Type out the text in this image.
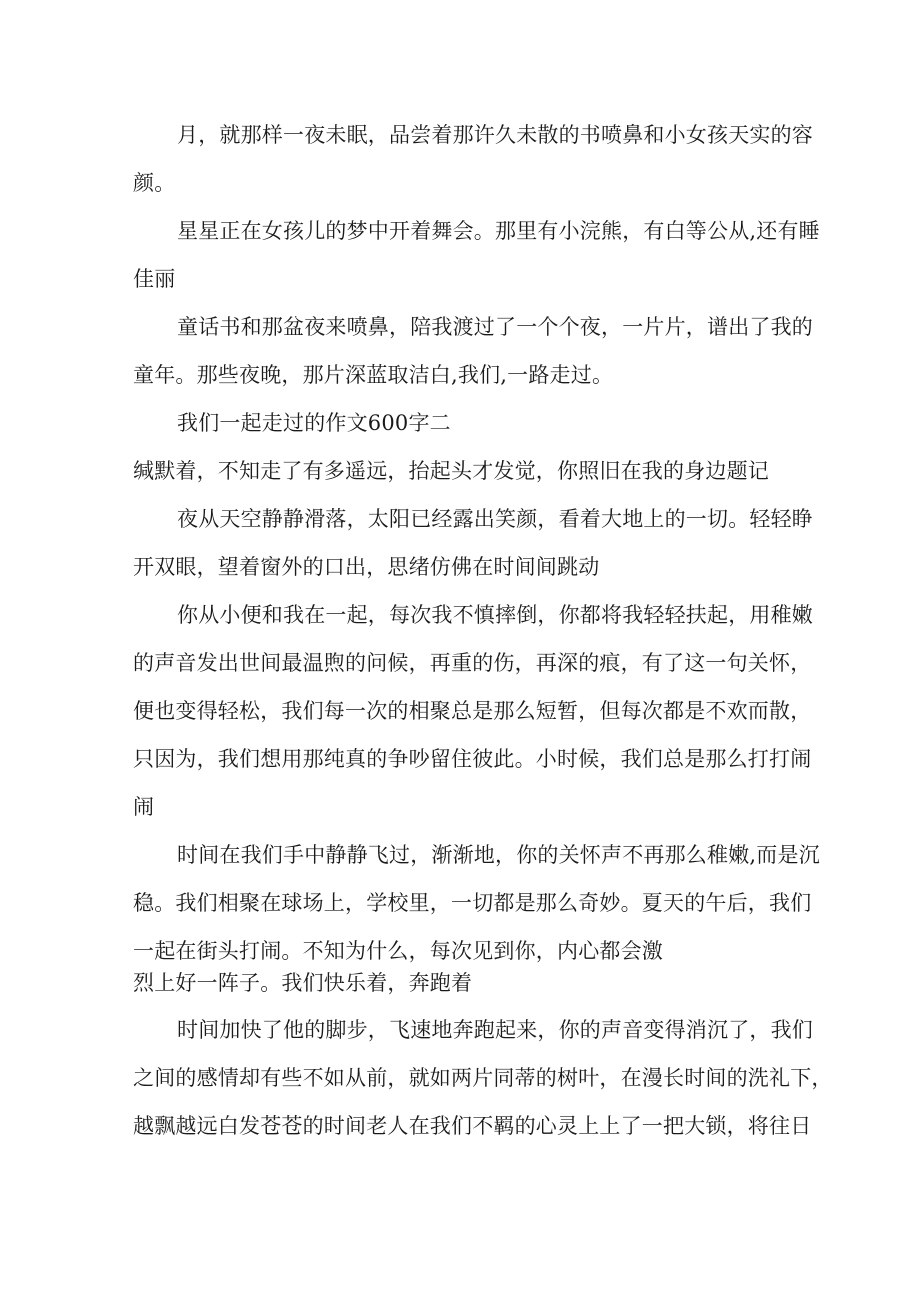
月，就那样一夜未眠，品尝着那许久未散的书喷鼻和小女孩天实的容
颜。
星星正在女孩儿的梦中开着舞会。那里有小浣熊，有白等公从,还有睡
佳丽
童话书和那盆夜来喷鼻，陪我渡过了一个个夜，一片片，谱出了我的
童年。那些夜晚，那片深蓝取洁白,我们,一路走过。
我们一起走过的作文600字二
缄默着，不知走了有多遥远，抬起头才发觉，你照旧在我的身边题记
夜从天空静静滑落，太阳已经露出笑颜，看着大地上的一切。轻轻睁
开双眼，望着窗外的口出，思绪仿佛在时间间跳动
你从小便和我在一起，每次我不慎摔倒，你都将我轻轻扶起，用稚嫩
的声音发出世间最温煦的问候，再重的伤，再深的痕，有了这一句关怀，
便也变得轻松，我们每一次的相聚总是那么短暂，但每次都是不欢而散，
只因为，我们想用那纯真的争吵留住彼此。小时候，我们总是那么打打闹
闹
时间在我们手中静静飞过，渐渐地，你的关怀声不再那么稚嫩,而是沉
稳。我们相聚在球场上，学校里，一切都是那么奇妙。夏天的午后，我们
一起在街头打闹。不知为什么，每次见到你，内心都会激
烈上好一阵子。我们快乐着，奔跑着
时间加快了他的脚步，飞速地奔跑起来，你的声音变得消沉了，我们
之间的感情却有些不如从前，就如两片同蒂的树叶，在漫长时间的洗礼下，
越飘越远白发苍苍的时间老人在我们不羁的心灵上上了一把大锁，将往日
